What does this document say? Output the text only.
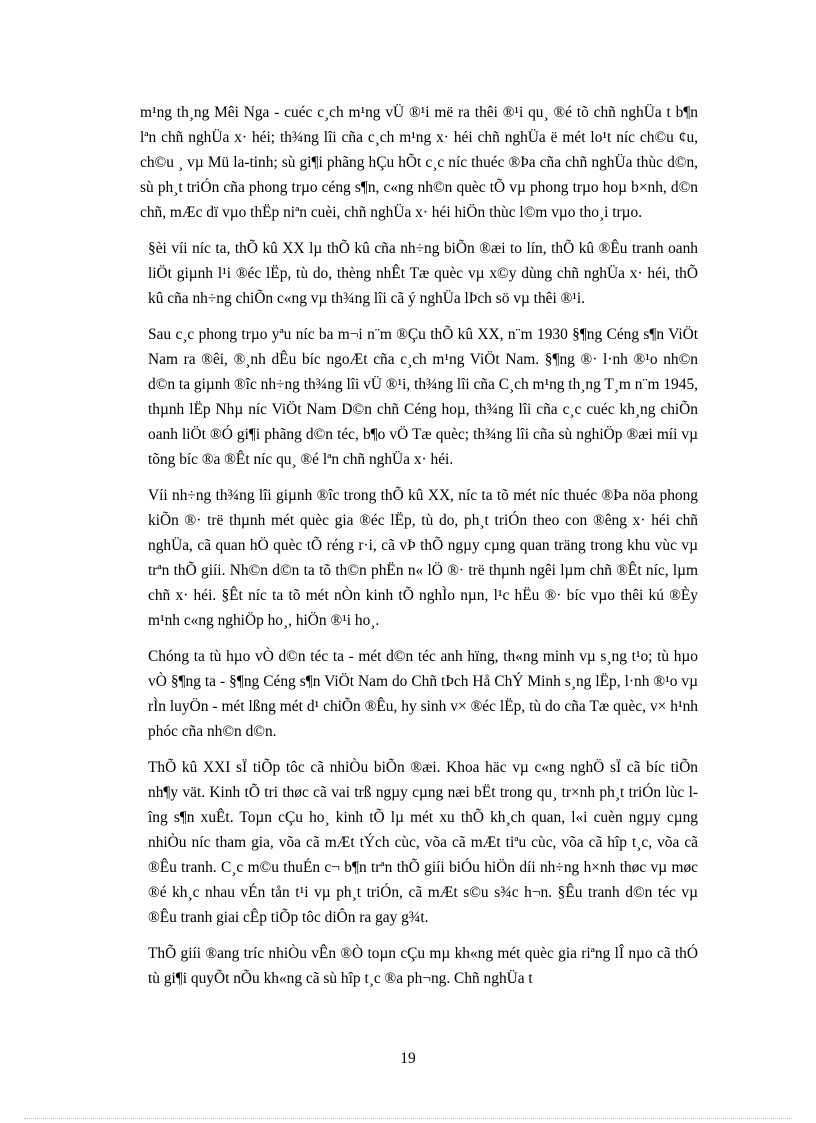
m¹ng th¸ng Mêi Nga - cuéc c¸ch m¹ng vÜ ®¹i më ra thêi ®¹i qu¸ ®é tõ chñ nghÜa t b¶n lªn chñ nghÜa x· héi; th¾ng lîi cña c¸ch m¹ng x· héi chñ nghÜa ë mét lo¹t níc ch©u ¢u, ch©u ¸ vµ Mü la-tinh; sù gi¶i phãng hÇu hÕt c¸c níc thuéc ®Þa cña chñ nghÜa thùc d©n, sù ph¸t triÓn cña phong trµo céng s¶n, c«ng nh©n quèc tÕ vµ phong trµo hoµ b×nh, d©n chñ, mÆc dï vµo thËp niªn cuèi, chñ nghÜa x· héi hiÖn thùc l©m vµo tho¸i trµo.

§èi víi níc ta, thÕ kû XX lµ thÕ kû cña nh÷ng biÕn ®æi to lín, thÕ kû ®Êu tranh oanh liÖt giµnh l¹i ®éc lËp, tù do, thèng nhÊt Tæ quèc vµ x©y dùng chñ nghÜa x· héi, thÕ kû cña nh÷ng chiÕn c«ng vµ th¾ng lîi cã ý nghÜa lÞch sö vµ thêi ®¹i.

Sau c¸c phong trµo yªu níc ba m¬i n¨m ®Çu thÕ kû XX, n¨m 1930 §¶ng Céng s¶n ViÖt Nam ra ®êi, ®¸nh dÊu bíc ngoÆt cña c¸ch m¹ng ViÖt Nam. §¶ng ®· l·nh ®¹o nh©n d©n ta giµnh ®îc nh÷ng th¾ng lîi vÜ ®¹i, th¾ng lîi cña C¸ch m¹ng th¸ng T¸m n¨m 1945, thµnh lËp Nhµ níc ViÖt Nam D©n chñ Céng hoµ, th¾ng lîi cña c¸c cuéc kh¸ng chiÕn oanh liÖt ®Ó gi¶i phãng d©n téc, b¶o vÖ Tæ quèc; th¾ng lîi cña sù nghiÖp ®æi míi vµ tõng bíc ®a ®Êt níc qu¸ ®é lªn chñ nghÜa x· héi.

Víi nh÷ng th¾ng lîi giµnh ®îc trong thÕ kû XX, níc ta tõ mét níc thuéc ®Þa nöa phong kiÕn ®· trë thµnh mét quèc gia ®éc lËp, tù do, ph¸t triÓn theo con ®êng x· héi chñ nghÜa, cã quan hÖ quèc tÕ réng r·i, cã vÞ thÕ ngµy cµng quan träng trong khu vùc vµ trªn thÕ giíi. Nh©n d©n ta tõ th©n phËn n« lÖ ®· trë thµnh ngêi lµm chñ ®Êt níc, lµm chñ x· héi. §Êt níc ta tõ mét nÒn kinh tÕ nghÌo nµn, l¹c hËu ®· bíc vµo thêi kú ®Èy m¹nh c«ng nghiÖp ho¸, hiÖn ®¹i ho¸.

Chóng ta tù hµo vÒ d©n téc ta - mét d©n téc anh hïng, th«ng minh vµ s¸ng t¹o; tù hµo vÒ §¶ng ta - §¶ng Céng s¶n ViÖt Nam do Chñ tÞch Hå ChÝ Minh s¸ng lËp, l·nh ®¹o vµ rÌn luyÖn - mét lßng mét d¹ chiÕn ®Êu, hy sinh v× ®éc lËp, tù do cña Tæ quèc, v× h¹nh phóc cña nh©n d©n.

ThÕ kû XXI sÏ tiÕp tôc cã nhiÒu biÕn ®æi. Khoa häc vµ c«ng nghÖ sÏ cã bíc tiÕn nh¶y vät. Kinh tÕ tri thøc cã vai trß ngµy cµng næi bËt trong qu¸ tr×nh ph¸t triÓn lùc lîng s¶n xuÊt. Toµn cÇu ho¸ kinh tÕ lµ mét xu thÕ kh¸ch quan, l«i cuèn ngµy cµng nhiÒu níc tham gia, võa cã mÆt tÝch cùc, võa cã mÆt tiªu cùc, võa cã hîp t¸c, võa cã ®Êu tranh. C¸c m©u thuÉn c¬ b¶n trªn thÕ giíi biÓu hiÖn díi nh÷ng h×nh thøc vµ møc ®é kh¸c nhau vÉn tån t¹i vµ ph¸t triÓn, cã mÆt s©u s¾c h¬n. §Êu tranh d©n téc vµ ®Êu tranh giai cÊp tiÕp tôc diÔn ra gay g¾t.

ThÕ giíi ®ang tríc nhiÒu vÊn ®Ò toµn cÇu mµ kh«ng mét quèc gia riªng lÎ nµo cã thÓ tù gi¶i quyÕt nÕu kh«ng cã sù hîp t¸c ®a ph¬ng. Chñ nghÜa t

19
